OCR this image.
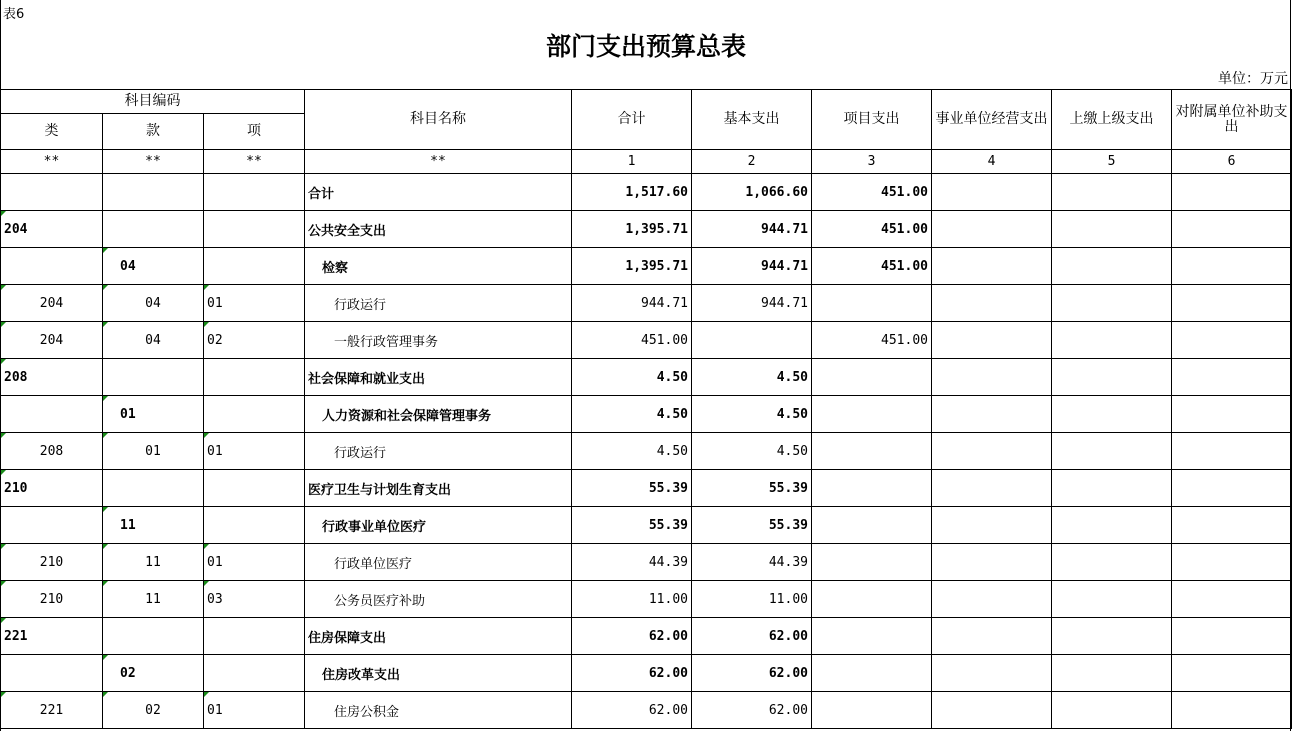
表6
部门支出预算总表
单位：万元
科目编码			科目名称	合计	基本支出	项目支出	事业单位经营支出	上缴上级支出	对附属单位补助支出
类	款	项							
**	**	**	**	1	2	3	4	5	6
			合计	1,517.60	1,066.60	451.00			
204			公共安全支出	1,395.71	944.71	451.00			
	04		检察	1,395.71	944.71	451.00			
204	04	01	行政运行	944.71	944.71				
204	04	02	一般行政管理事务	451.00		451.00			
208			社会保障和就业支出	4.50	4.50				
	01		人力资源和社会保障管理事务	4.50	4.50				
208	01	01	行政运行	4.50	4.50				
210			医疗卫生与计划生育支出	55.39	55.39				
	11		行政事业单位医疗	55.39	55.39				
210	11	01	行政单位医疗	44.39	44.39				
210	11	03	公务员医疗补助	11.00	11.00				
221			住房保障支出	62.00	62.00				
	02		住房改革支出	62.00	62.00				
221	02	01	住房公积金	62.00	62.00				
